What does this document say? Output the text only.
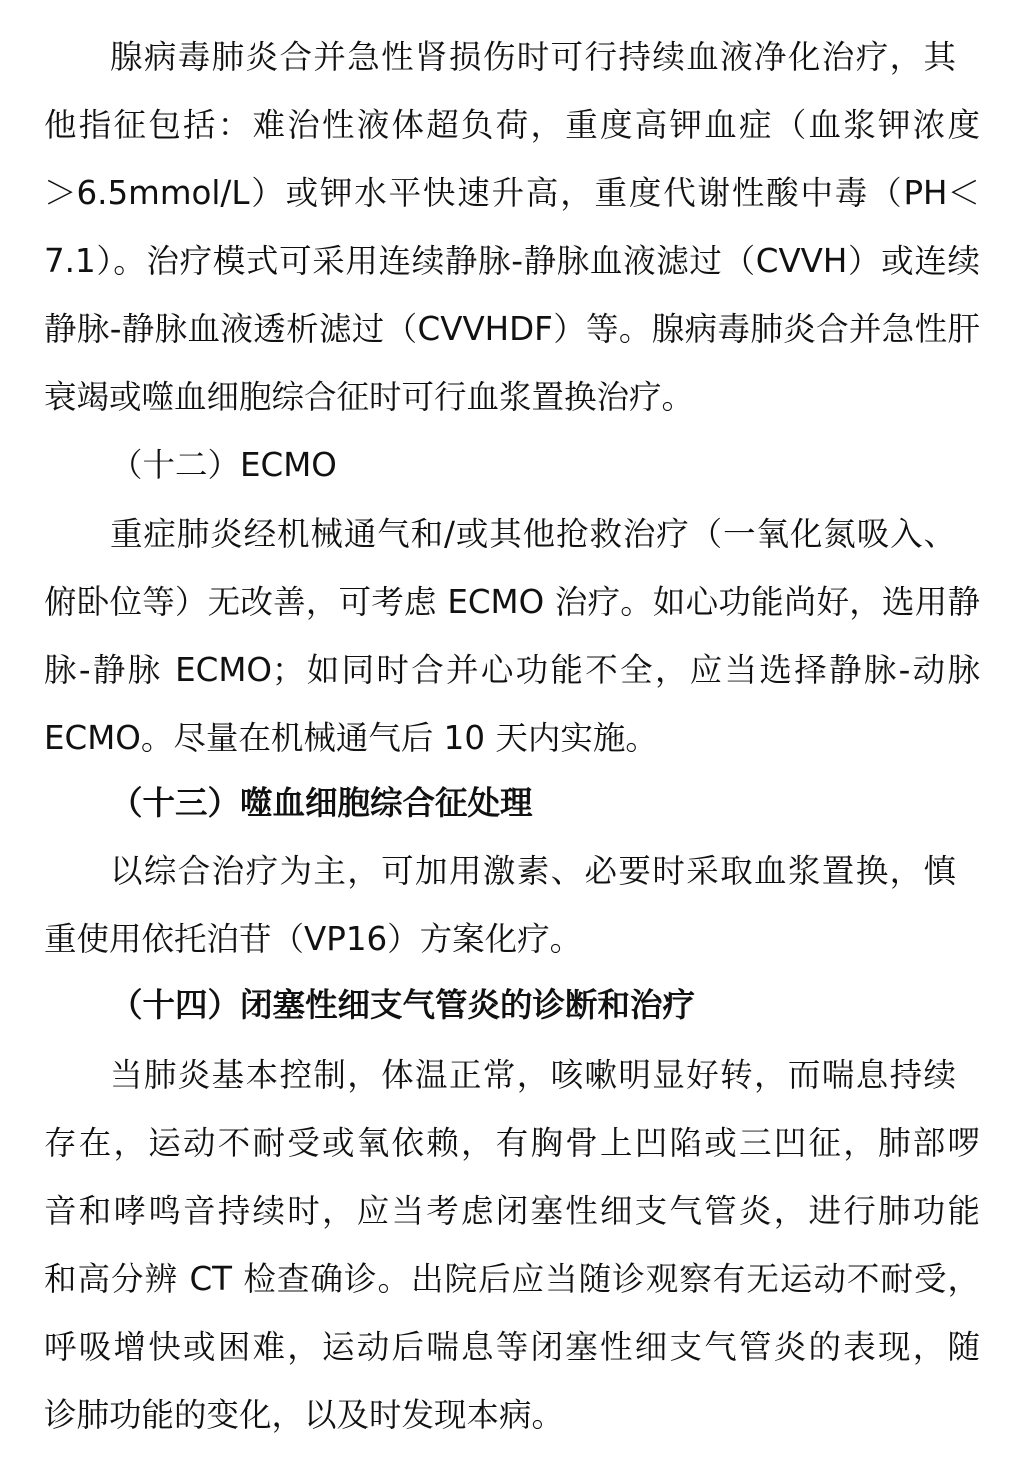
腺病毒肺炎合并急性肾损伤时可行持续血液净化治疗，其
他指征包括：难治性液体超负荷，重度高钾血症（血浆钾浓度
＞6.5mmol/L）或钾水平快速升高，重度代谢性酸中毒（PH＜
7.1）。治疗模式可采用连续静脉-静脉血液滤过（CVVH）或连续
静脉-静脉血液透析滤过（CVVHDF）等。腺病毒肺炎合并急性肝
衰竭或噬血细胞综合征时可行血浆置换治疗。
（十二）ECMO
重症肺炎经机械通气和/或其他抢救治疗（一氧化氮吸入、
俯卧位等）无改善，可考虑 ECMO 治疗。如心功能尚好，选用静
脉-静脉 ECMO；如同时合并心功能不全，应当选择静脉-动脉
ECMO。尽量在机械通气后 10 天内实施。
（十三）噬血细胞综合征处理
以综合治疗为主，可加用激素、必要时采取血浆置换，慎
重使用依托泊苷（VP16）方案化疗。
（十四）闭塞性细支气管炎的诊断和治疗
当肺炎基本控制，体温正常，咳嗽明显好转，而喘息持续
存在，运动不耐受或氧依赖，有胸骨上凹陷或三凹征，肺部啰
音和哮鸣音持续时，应当考虑闭塞性细支气管炎，进行肺功能
和高分辨 CT 检查确诊。出院后应当随诊观察有无运动不耐受，
呼吸增快或困难，运动后喘息等闭塞性细支气管炎的表现，随
诊肺功能的变化，以及时发现本病。
